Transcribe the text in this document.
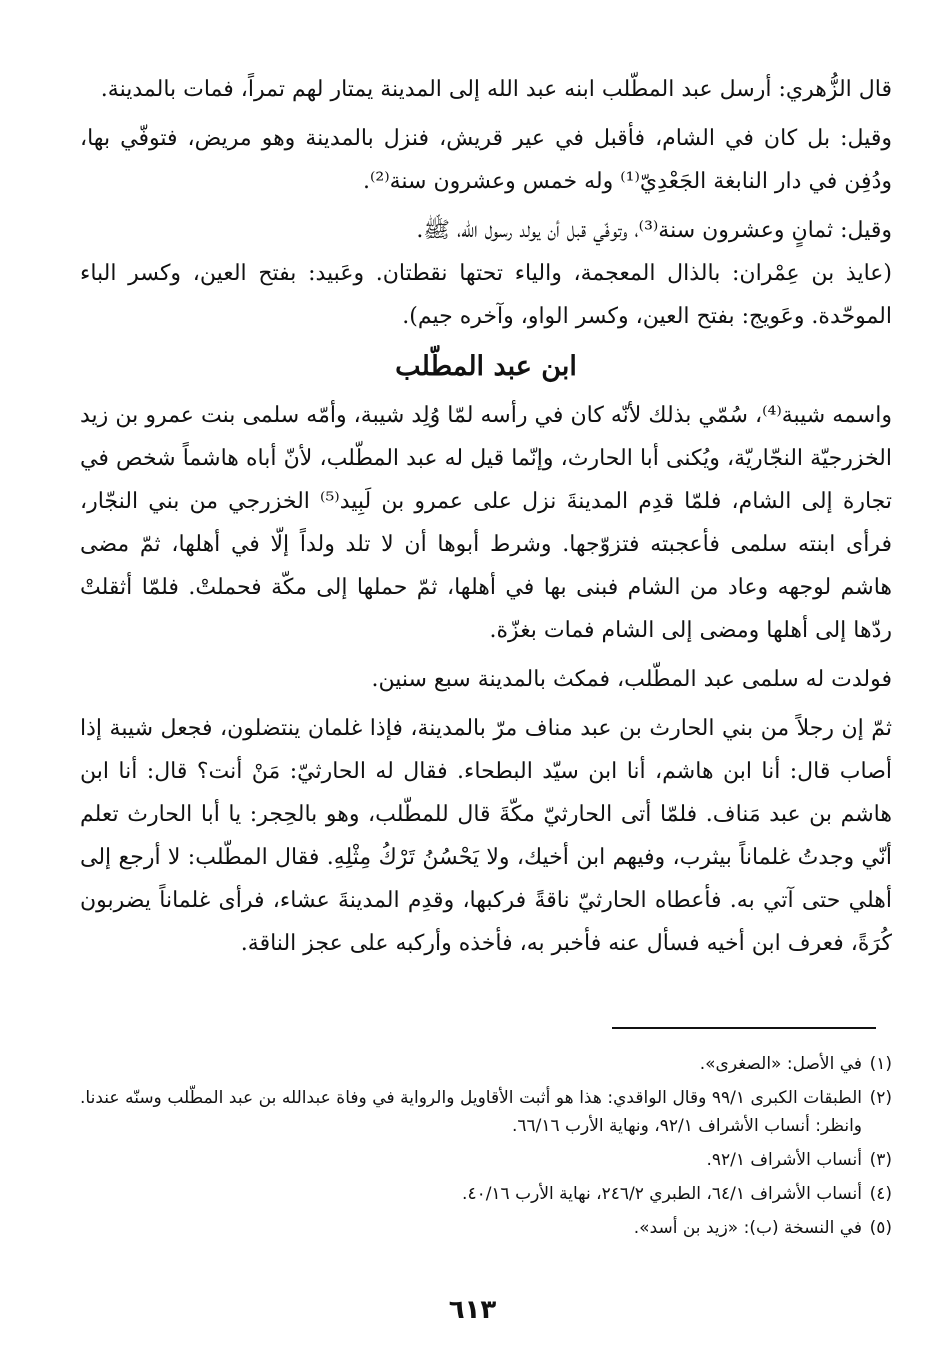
قال الزُّهري: أرسل عبد المطّلب ابنه عبد الله إلى المدينة يمتار لهم تمراً، فمات بالمدينة.

وقيل: بل كان في الشام، فأقبل في عير قريش، فنزل بالمدينة وهو مريض، فتوفّي بها، ودُفِن في دار النابغة الجَعْدِيّ⁽¹⁾ وله خمس وعشرون سنة⁽²⁾.

وقيل: ثمانٍ وعشرون سنة⁽³⁾، وتوفّي قبل أن يولد رسول الله، ﷺ.

(عايذ بن عِمْران: بالذال المعجمة، والياء تحتها نقطتان. وعَبيد: بفتح العين، وكسر الباء الموحّدة. وعَويج: بفتح العين، وكسر الواو، وآخره جيم).

ابن عبد المطّلب

واسمه شيبة⁽⁴⁾، سُمّي بذلك لأنّه كان في رأسه لمّا وُلِد شيبة، وأمّه سلمى بنت عمرو بن زيد الخزرجيّة النجّاريّة، ويُكنى أبا الحارث، وإنّما قيل له عبد المطّلب، لأنّ أباه هاشماً شخص في تجارة إلى الشام، فلمّا قدِم المدينةَ نزل على عمرو بن لَبِيد⁽⁵⁾ الخزرجي من بني النجّار، فرأى ابنته سلمى فأعجبته فتزوّجها. وشرط أبوها أن لا تلد ولداً إلّا في أهلها، ثمّ مضى هاشم لوجهه وعاد من الشام فبنى بها في أهلها، ثمّ حملها إلى مكّة فحملتْ. فلمّا أثقلتْ ردّها إلى أهلها ومضى إلى الشام فمات بغزّة.

فولدت له سلمى عبد المطّلب، فمكث بالمدينة سبع سنين.

ثمّ إن رجلاً من بني الحارث بن عبد مناف مرّ بالمدينة، فإذا غلمان ينتضلون، فجعل شيبة إذا أصاب قال: أنا ابن هاشم، أنا ابن سيّد البطحاء. فقال له الحارثيّ: مَنْ أنت؟ قال: أنا ابن هاشم بن عبد مَناف. فلمّا أتى الحارثيّ مكّةَ قال للمطّلب، وهو بالحِجر: يا أبا الحارث تعلم أنّي وجدتُ غلماناً بيثرب، وفيهم ابن أخيك، ولا يَحْسُنُ تَرْكُ مِثْلِهِ. فقال المطّلب: لا أرجع إلى أهلي حتى آتي به. فأعطاه الحارثيّ ناقةً فركبها، وقدِم المدينةَ عشاء، فرأى غلماناً يضربون كُرَةً، فعرف ابن أخيه فسأل عنه فأخبر به، فأخذه وأركبه على عجز الناقة.

(١)
في الأصل: «الصغرى».
(٢)
الطبقات الكبرى ٩٩/١ وقال الواقدي: هذا هو أثبت الأقاويل والرواية في وفاة عبدالله بن عبد المطّلب وسنّه عندنا. وانظر: أنساب الأشراف ٩٢/١، ونهاية الأرب ٦٦/١٦.
(٣)
أنساب الأشراف ٩٢/١.
(٤)
أنساب الأشراف ٦٤/١، الطبري ٢٤٦/٢، نهاية الأرب ٤٠/١٦.
(٥)
في النسخة (ب): «زيد بن أسد».
٦١٣
